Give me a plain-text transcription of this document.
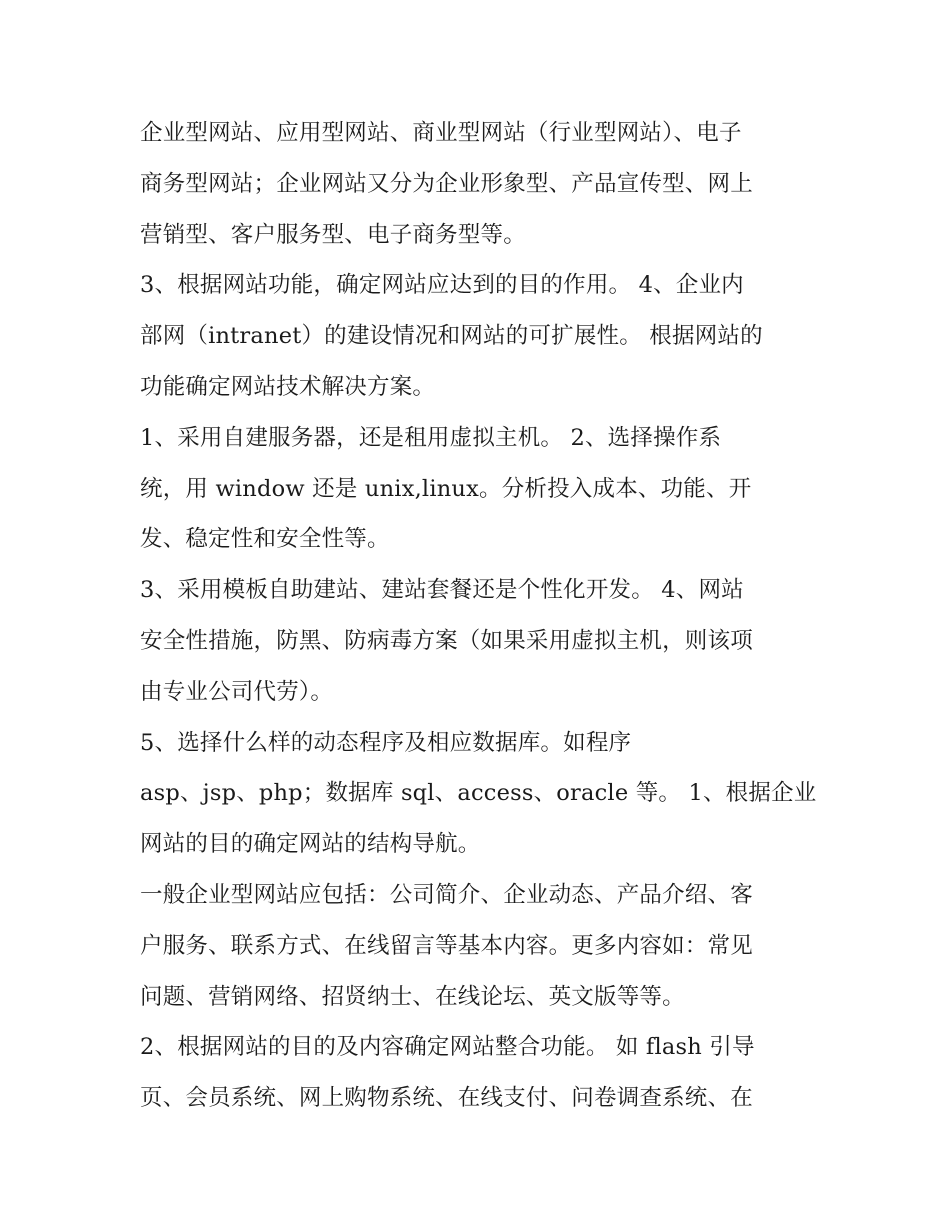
企业型网站、应用型网站、商业型网站（行业型网站）、电子
商务型网站；企业网站又分为企业形象型、产品宣传型、网上
营销型、客户服务型、电子商务型等。

3、根据网站功能，确定网站应达到的目的作用。 4、企业内
部网（intranet）的建设情况和网站的可扩展性。 根据网站的
功能确定网站技术解决方案。

1、采用自建服务器，还是租用虚拟主机。 2、选择操作系
统，用 window 还是 unix,linux。分析投入成本、功能、开
发、稳定性和安全性等。

3、采用模板自助建站、建站套餐还是个性化开发。 4、网站
安全性措施，防黑、防病毒方案（如果采用虚拟主机，则该项
由专业公司代劳）。

5、选择什么样的动态程序及相应数据库。如程序
asp、jsp、php；数据库 sql、access、oracle 等。 1、根据企业
网站的目的确定网站的结构导航。

一般企业型网站应包括：公司简介、企业动态、产品介绍、客
户服务、联系方式、在线留言等基本内容。更多内容如：常见
问题、营销网络、招贤纳士、在线论坛、英文版等等。

2、根据网站的目的及内容确定网站整合功能。 如 flash 引导
页、会员系统、网上购物系统、在线支付、问卷调查系统、在
